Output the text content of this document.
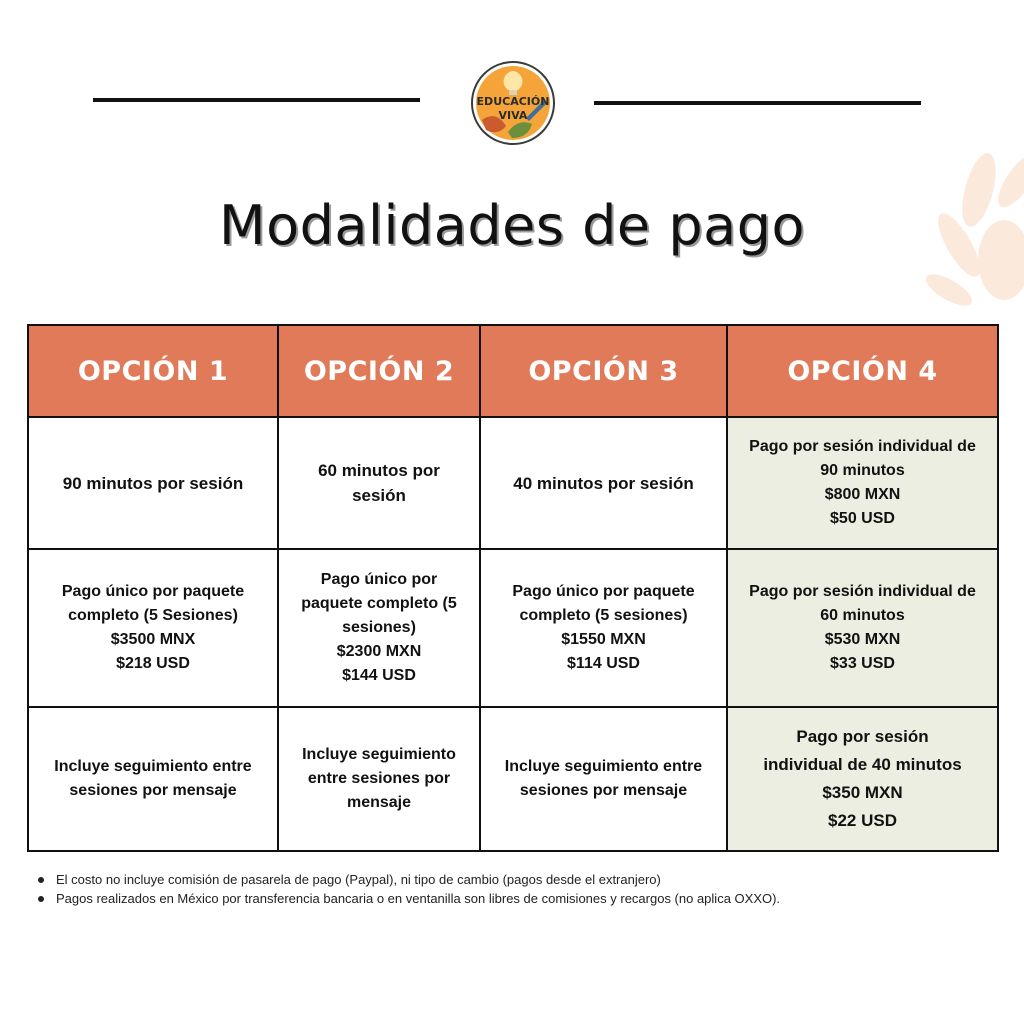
EDUCACIÓN
VIVA
Modalidades de pago
OPCIÓN 1	OPCIÓN 2	OPCIÓN 3	OPCIÓN 4

90 minutos por sesión	60 minutos por
sesión	40 minutos por sesión	Pago por sesión individual de
90 minutos
$800 MXN
$50 USD

Pago único por paquete
completo (5 Sesiones)
$3500 MNX
$218 USD	Pago único por
paquete completo (5
sesiones)
$2300 MXN
$144 USD	Pago único por paquete
completo (5 sesiones)
$1550 MXN
$114 USD	Pago por sesión individual de
60 minutos
$530 MXN
$33 USD

Incluye seguimiento entre
sesiones por mensaje	Incluye seguimiento
entre sesiones por
mensaje	Incluye seguimiento entre
sesiones por mensaje	Pago por sesión
individual de 40 minutos
$350 MXN
$22 USD
El costo no incluye comisión de pasarela de pago (Paypal), ni tipo de cambio (pagos desde el extranjero)
Pagos realizados en México por transferencia bancaria o en ventanilla son libres de comisiones y recargos (no aplica OXXO).
